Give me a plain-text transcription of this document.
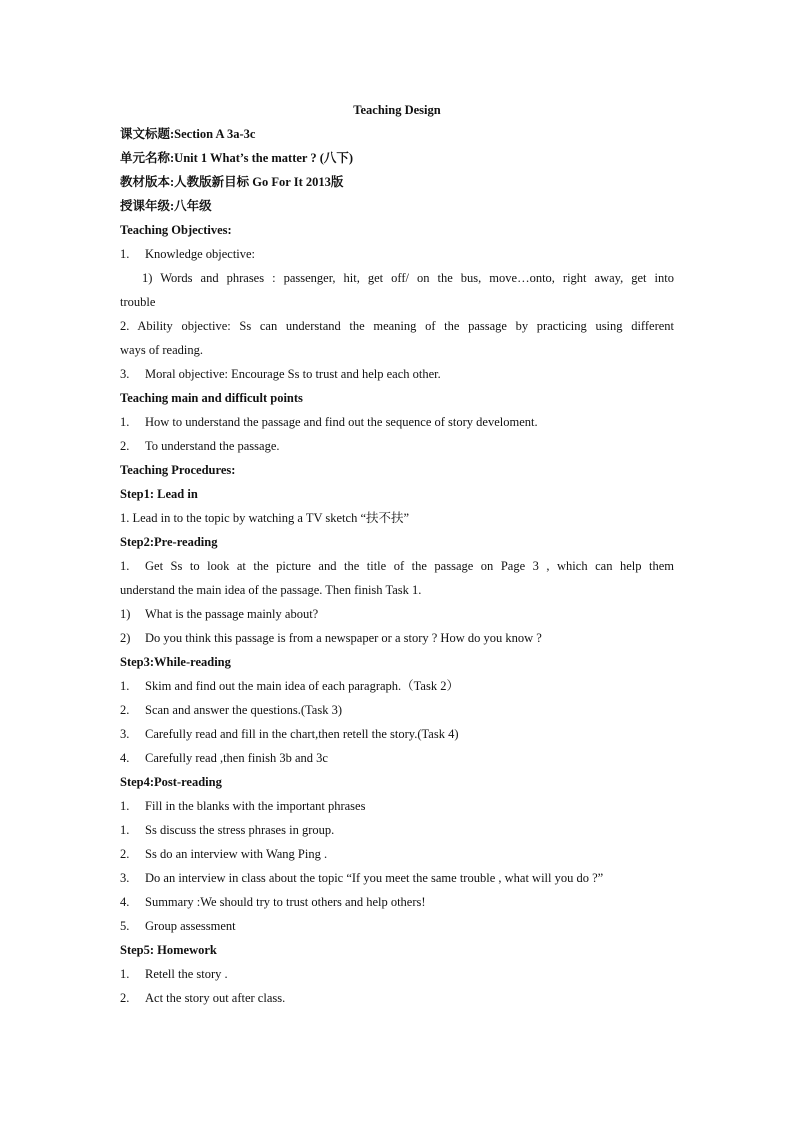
Teaching Design
课文标题:Section A 3a-3c
单元名称:Unit 1 What’s the matter ? (八下)
教材版本:人教版新目标 Go For It 2013版
授课年级:八年级
Teaching Objectives:
1. Knowledge objective:
1) Words and phrases : passenger, hit, get off/ on the bus, move…onto, right away, get into
trouble
2. Ability objective: Ss can understand the meaning of the passage by practicing using different
ways of reading.
3. Moral objective: Encourage Ss to trust and help each other.
Teaching main and difficult points
1. How to understand the passage and find out the sequence of story develoment.
2. To understand the passage.
Teaching Procedures:
Step1: Lead in
1. Lead in to the topic by watching a TV sketch “扶不扶”
Step2:Pre-reading
1. Get Ss to look at the picture and the title of the passage on Page 3 , which can help them
understand the main idea of the passage. Then finish Task 1.
1) What is the passage mainly about?
2) Do you think this passage is from a newspaper or a story ? How do you know ?
Step3:While-reading
1. Skim and find out the main idea of each paragraph.（Task 2）
2. Scan and answer the questions.(Task 3)
3. Carefully read and fill in the chart,then retell the story.(Task 4)
4. Carefully read ,then finish 3b and 3c
Step4:Post-reading
1. Fill in the blanks with the important phrases
1. Ss discuss the stress phrases in group.
2. Ss do an interview with Wang Ping .
3. Do an interview in class about the topic “If you meet the same trouble , what will you do ?”
4. Summary :We should try to trust others and help others!
5. Group assessment
Step5: Homework
1. Retell the story .
2. Act the story out after class.
